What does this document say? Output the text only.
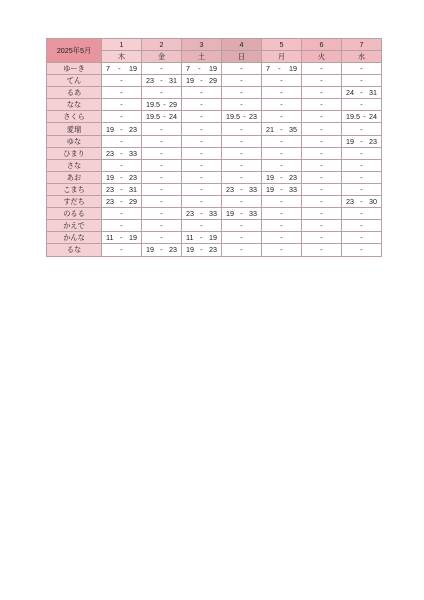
2025年5月	1	2	3	4	5	6	7
	木	金	土	日	月	火	水
ゆーき	7 - 19	-	7 - 19	-	7 - 19	-	-

てん	-	23 - 31	19 - 29	-	-	-	-

るあ	-	-	-	-	-	-	24 - 31

なな	-	19.5 - 29	-	-	-	-	-

さくら	-	19.5 - 24	-	19.5 - 23	-	-	19.5 - 24

愛瑠	19 - 23	-	-	-	21 - 35	-	-

ゆな	-	-	-	-	-	-	19 - 23

ひまり	23 - 33	-	-	-	-	-	-

さな	-	-	-	-	-	-	-

あお	19 - 23	-	-	-	19 - 23	-	-

こまち	23 - 31	-	-	23 - 33	19 - 33	-	-

すだち	23 - 29	-	-	-	-	-	23 - 30

のるる	-	-	23 - 33	19 - 33	-	-	-

かえで	-	-	-	-	-	-	-

かんな	11 - 19	-	11 - 19	-	-	-	-

るな	-	19 - 23	19 - 23	-	-	-	-
